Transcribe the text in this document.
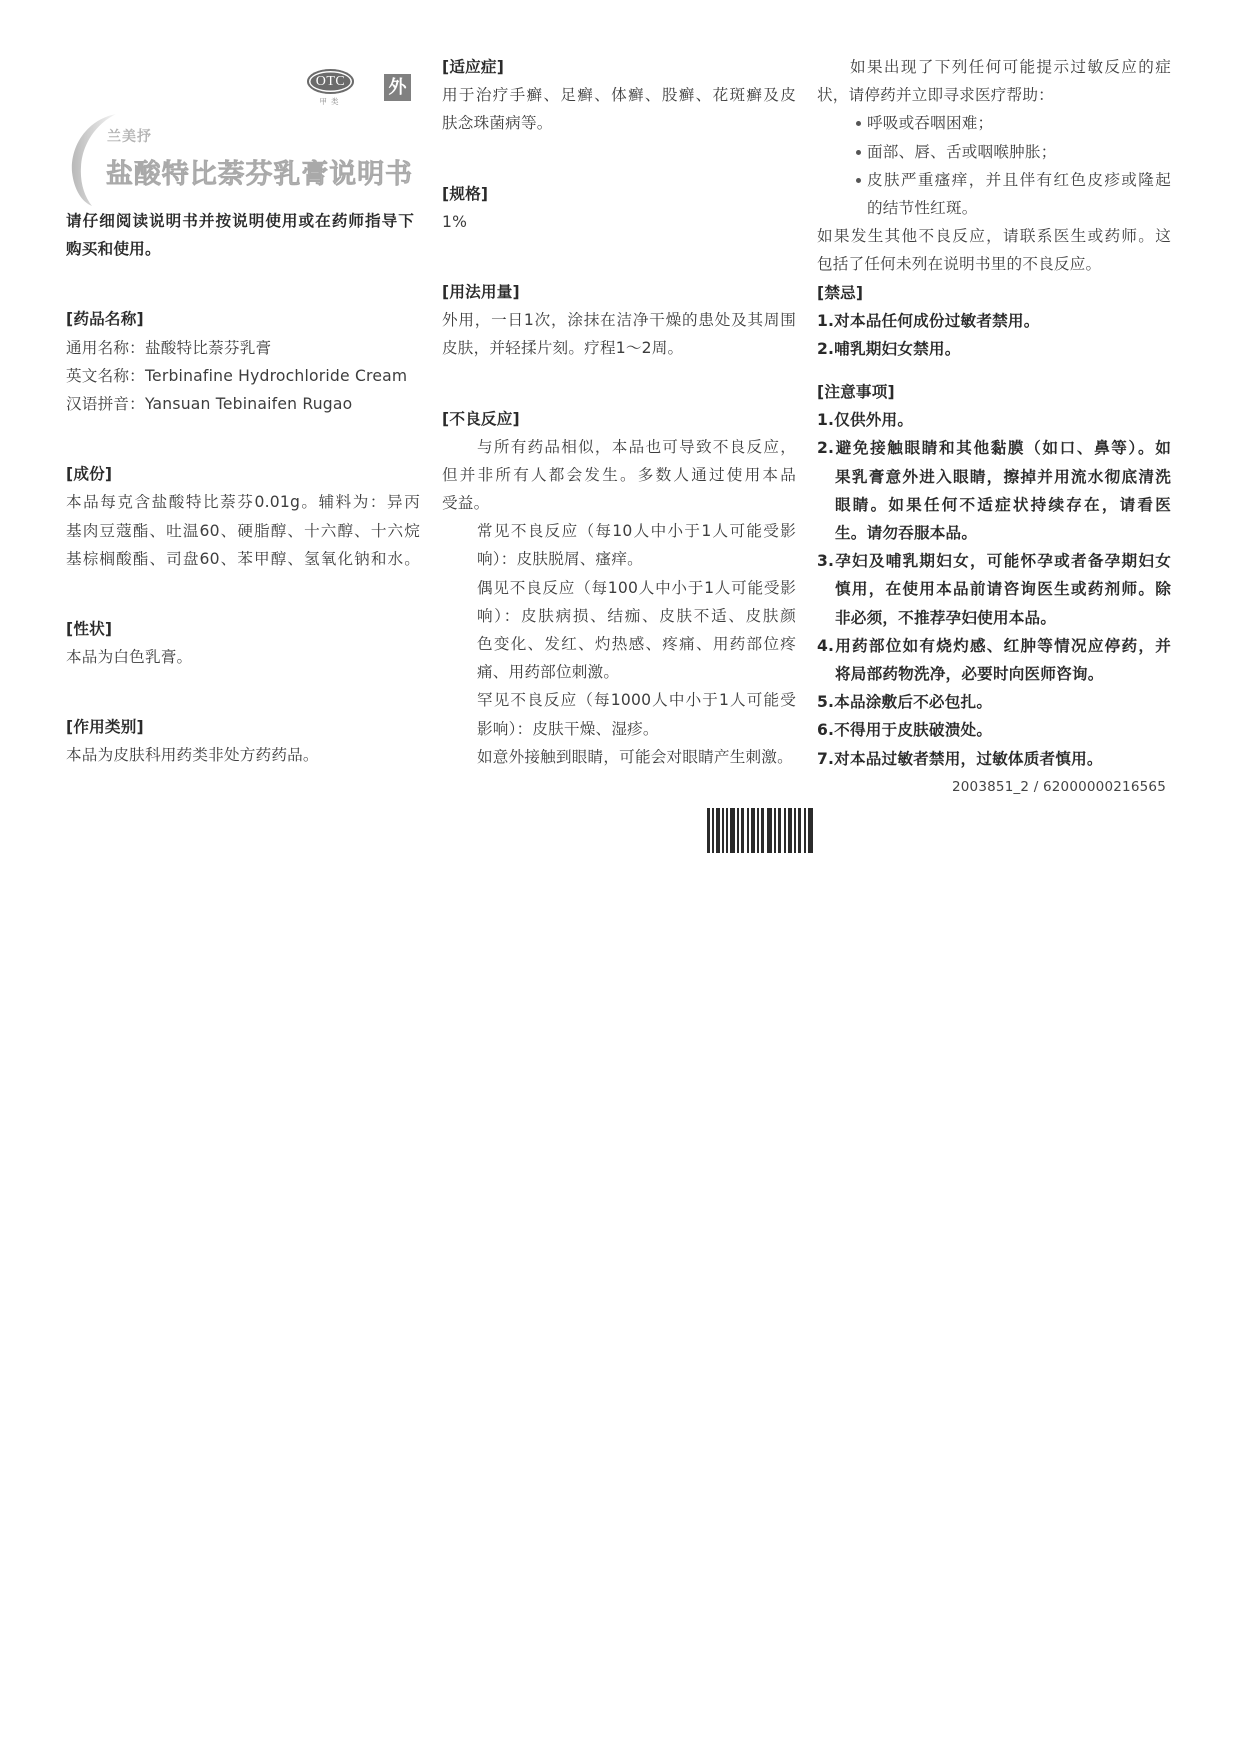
OTC
甲类
外
兰美抒
盐酸特比萘芬乳膏说明书
请仔细阅读说明书并按说明使用或在药师指导下
购买和使用。
[药品名称]
通用名称：盐酸特比萘芬乳膏
英文名称：Terbinafine Hydrochloride Cream
汉语拼音：Yansuan Tebinaifen Rugao
[成份]
本品每克含盐酸特比萘芬0.01g。辅料为：异丙
基肉豆蔻酯、吐温60、硬脂醇、十六醇、十六烷
基棕榈酸酯、司盘60、苯甲醇、氢氧化钠和水。
[性状]
本品为白色乳膏。
[作用类别]
本品为皮肤科用药类非处方药药品。
[适应症]
用于治疗手癣、足癣、体癣、股癣、花斑癣及皮
肤念珠菌病等。
[规格]
1%
[用法用量]
外用，一日1次，涂抹在洁净干燥的患处及其周围
皮肤，并轻揉片刻。疗程1～2周。
[不良反应]
与所有药品相似，本品也可导致不良反应，
但并非所有人都会发生。多数人通过使用本品
受益。
常见不良反应（每10人中小于1人可能受影
响）：皮肤脱屑、瘙痒。
偶见不良反应（每100人中小于1人可能受影
响）：皮肤病损、结痂、皮肤不适、皮肤颜
色变化、发红、灼热感、疼痛、用药部位疼
痛、用药部位刺激。
罕见不良反应（每1000人中小于1人可能受
影响）：皮肤干燥、湿疹。
如意外接触到眼睛，可能会对眼睛产生刺激。
如果出现了下列任何可能提示过敏反应的症
状，请停药并立即寻求医疗帮助：
呼吸或吞咽困难；
面部、唇、舌或咽喉肿胀；
皮肤严重瘙痒，并且伴有红色皮疹或隆起
的结节性红斑。
如果发生其他不良反应，请联系医生或药师。这
包括了任何未列在说明书里的不良反应。
[禁忌]
1.对本品任何成份过敏者禁用。
2.哺乳期妇女禁用。
[注意事项]
1.仅供外用。
2.避免接触眼睛和其他黏膜（如口、鼻等）。如
果乳膏意外进入眼睛，擦掉并用流水彻底清洗
眼睛。如果任何不适症状持续存在，请看医
生。请勿吞服本品。
3.孕妇及哺乳期妇女，可能怀孕或者备孕期妇女
慎用，在使用本品前请咨询医生或药剂师。除
非必须，不推荐孕妇使用本品。
4.用药部位如有烧灼感、红肿等情况应停药，并
将局部药物洗净，必要时向医师咨询。
5.本品涂敷后不必包扎。
6.不得用于皮肤破溃处。
7.对本品过敏者禁用，过敏体质者慎用。
2003851_2 / 62000000216565
